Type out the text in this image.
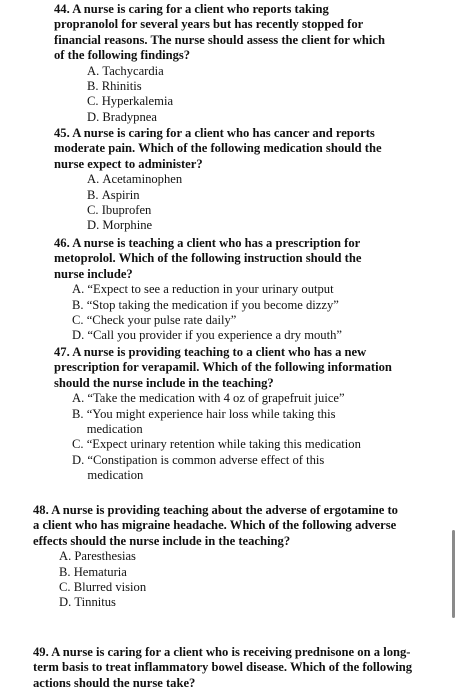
44. A nurse is caring for a client who reports taking propranolol for several years but has recently stopped for financial reasons. The nurse should assess the client for which of the following findings?

A. Tachycardia
B. Rhinitis
C. Hyperkalemia
D. Bradypnea

45. A nurse is caring for a client who has cancer and reports moderate pain. Which of the following medication should the nurse expect to administer?

A. Acetaminophen
B. Aspirin
C. Ibuprofen
D. Morphine

46. A nurse is teaching a client who has a prescription for metoprolol. Which of the following instruction should the nurse include?

A. “Expect to see a reduction in your urinary output
B. “Stop taking the medication if you become dizzy”
C. “Check your pulse rate daily”
D. “Call you provider if you experience a dry mouth”

47. A nurse is providing teaching to a client who has a new prescription for verapamil. Which of the following information should the nurse include in the teaching?

A. “Take the medication with 4 oz of grapefruit juice”
B. “You might experience hair loss while taking this medication
C. “Expect urinary retention while taking this medication
D. “Constipation is common adverse effect of this medication

48. A nurse is providing teaching about the adverse of ergotamine to a client who has migraine headache. Which of the following adverse effects should the nurse include in the teaching?

A. Paresthesias
B. Hematuria
C. Blurred vision
D. Tinnitus

49. A nurse is caring for a client who is receiving prednisone on a long-term basis to treat inflammatory bowel disease. Which of the following actions should the nurse take?
